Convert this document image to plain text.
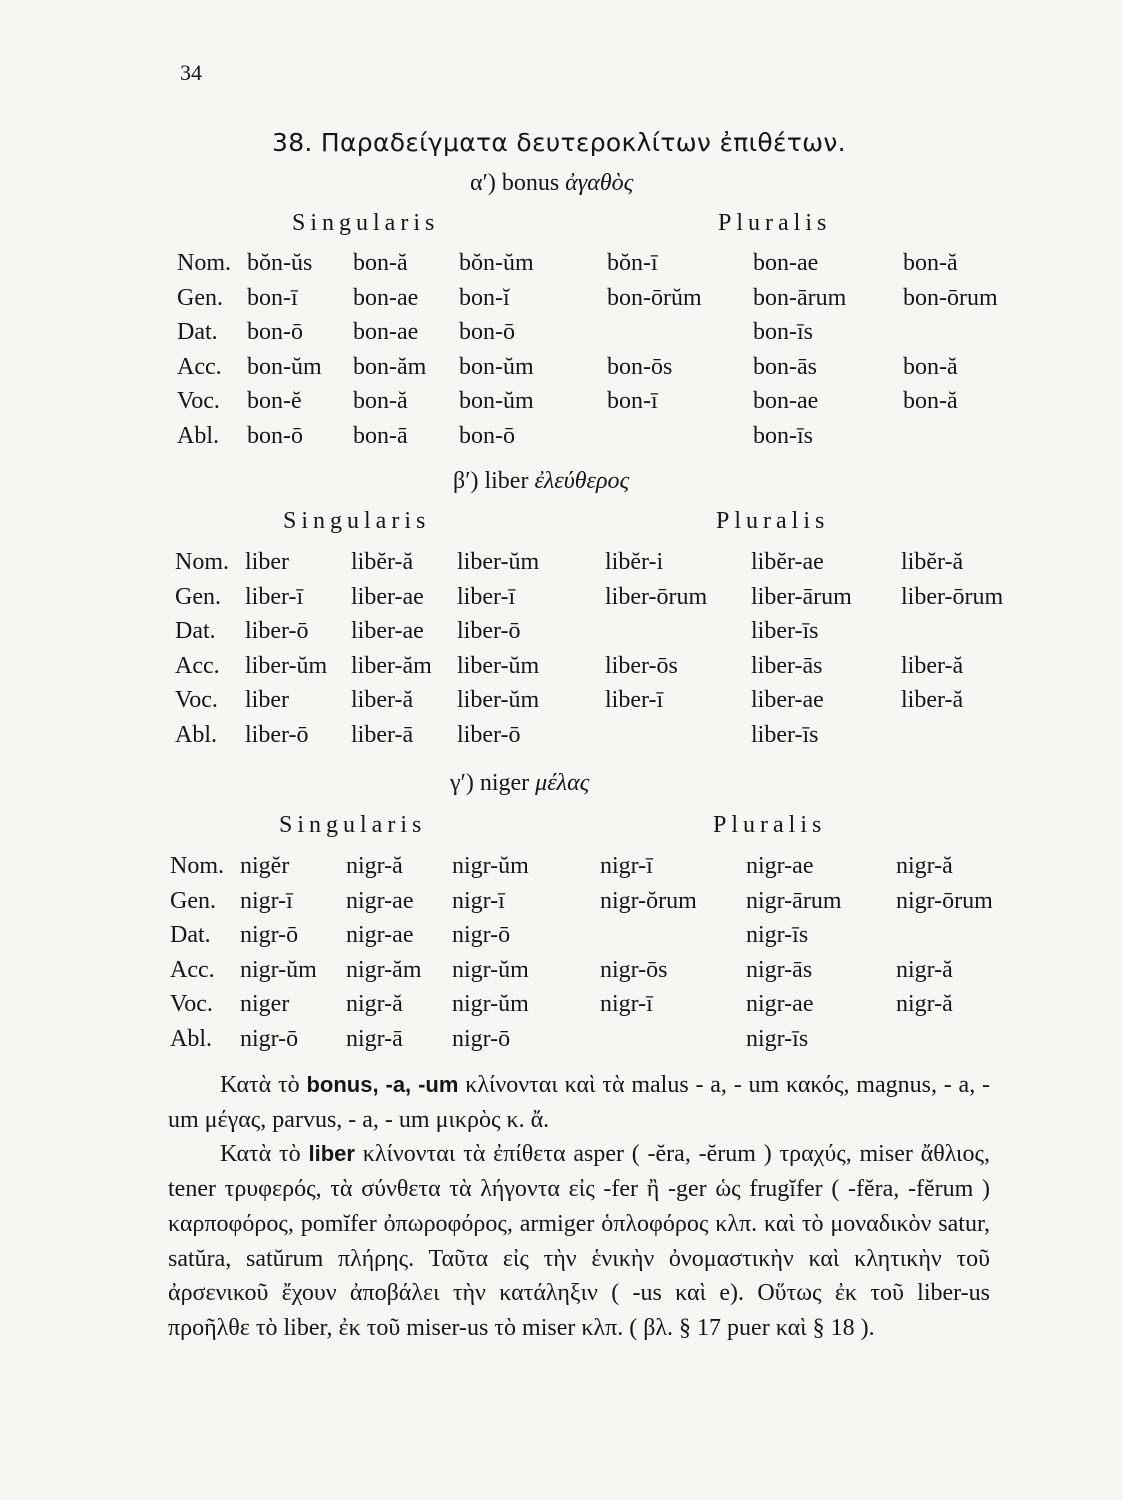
34
38. Παραδείγματα δευτεροκλίτων ἐπιθέτων.
α′) bonus ἀγαθὸς
Singularis	Pluralis
Nom.	bŏn-ŭs	bon-ă	bŏn-ŭm	bŏn-ī	bon-ae	bon-ă
Gen.	bon-ī	bon-ae	bon-ĭ	bon-ōrŭm	bon-ārum	bon-ōrum
Dat.	bon-ō	bon-ae	bon-ō		bon-īs	
Acc.	bon-ŭm	bon-ăm	bon-ŭm	bon-ōs	bon-ās	bon-ă
Voc.	bon-ĕ	bon-ă	bon-ŭm	bon-ī	bon-ae	bon-ă
Abl.	bon-ō	bon-ā	bon-ō		bon-īs	
β′) liber ἐλεύθερος
Singularis	Pluralis
Nom.	liber	libĕr-ă	liber-ŭm	libĕr-i	libĕr-ae	libĕr-ă
Gen.	liber-ī	liber-ae	liber-ī	liber-ōrum	liber-ārum	liber-ōrum
Dat.	liber-ō	liber-ae	liber-ō		liber-īs	
Acc.	liber-ŭm	liber-ăm	liber-ŭm	liber-ōs	liber-ās	liber-ă
Voc.	liber	liber-ă	liber-ŭm	liber-ī	liber-ae	liber-ă
Abl.	liber-ō	liber-ā	liber-ō		liber-īs	
γ′) niger μέλας
Singularis	Pluralis
Nom.	nigĕr	nigr-ă	nigr-ŭm	nigr-ī	nigr-ae	nigr-ă
Gen.	nigr-ī	nigr-ae	nigr-ī	nigr-ŏrum	nigr-ārum	nigr-ōrum
Dat.	nigr-ō	nigr-ae	nigr-ō		nigr-īs	
Acc.	nigr-ŭm	nigr-ăm	nigr-ŭm	nigr-ōs	nigr-ās	nigr-ă
Voc.	niger	nigr-ă	nigr-ŭm	nigr-ī	nigr-ae	nigr-ă
Abl.	nigr-ō	nigr-ā	nigr-ō		nigr-īs	

Κατὰ τὸ bonus, -a, -um κλίνονται καὶ τὰ malus - a, - um κακός, magnus, - a, - um μέγας, parvus, - a, - um μικρὸς κ. ἄ.

Κατὰ τὸ liber κλίνονται τὰ ἐπίθετα asper ( -ĕra, -ĕrum ) τραχύς, miser ἄθλιος, tener τρυφερός, τὰ σύνθετα τὰ λήγοντα εἰς -fer ἢ -ger ὡς frugĭfer ( -fĕra, -fĕrum ) καρποφόρος, pomĭfer ὀπωροφόρος, armiger ὁπλοφόρος κλπ. καὶ τὸ μοναδικὸν satur, satŭra, satŭrum πλήρης. Ταῦτα εἰς τὴν ἑνικὴν ὀνομαστικὴν καὶ κλητικὴν τοῦ ἀρσενικοῦ ἔχουν ἀποβάλει τὴν κατάληξιν ( -us καὶ e). Οὕτως ἐκ τοῦ liber-us προῆλθε τὸ liber, ἐκ τοῦ miser-us τὸ miser κλπ. ( βλ. § 17 puer καὶ § 18 ).
